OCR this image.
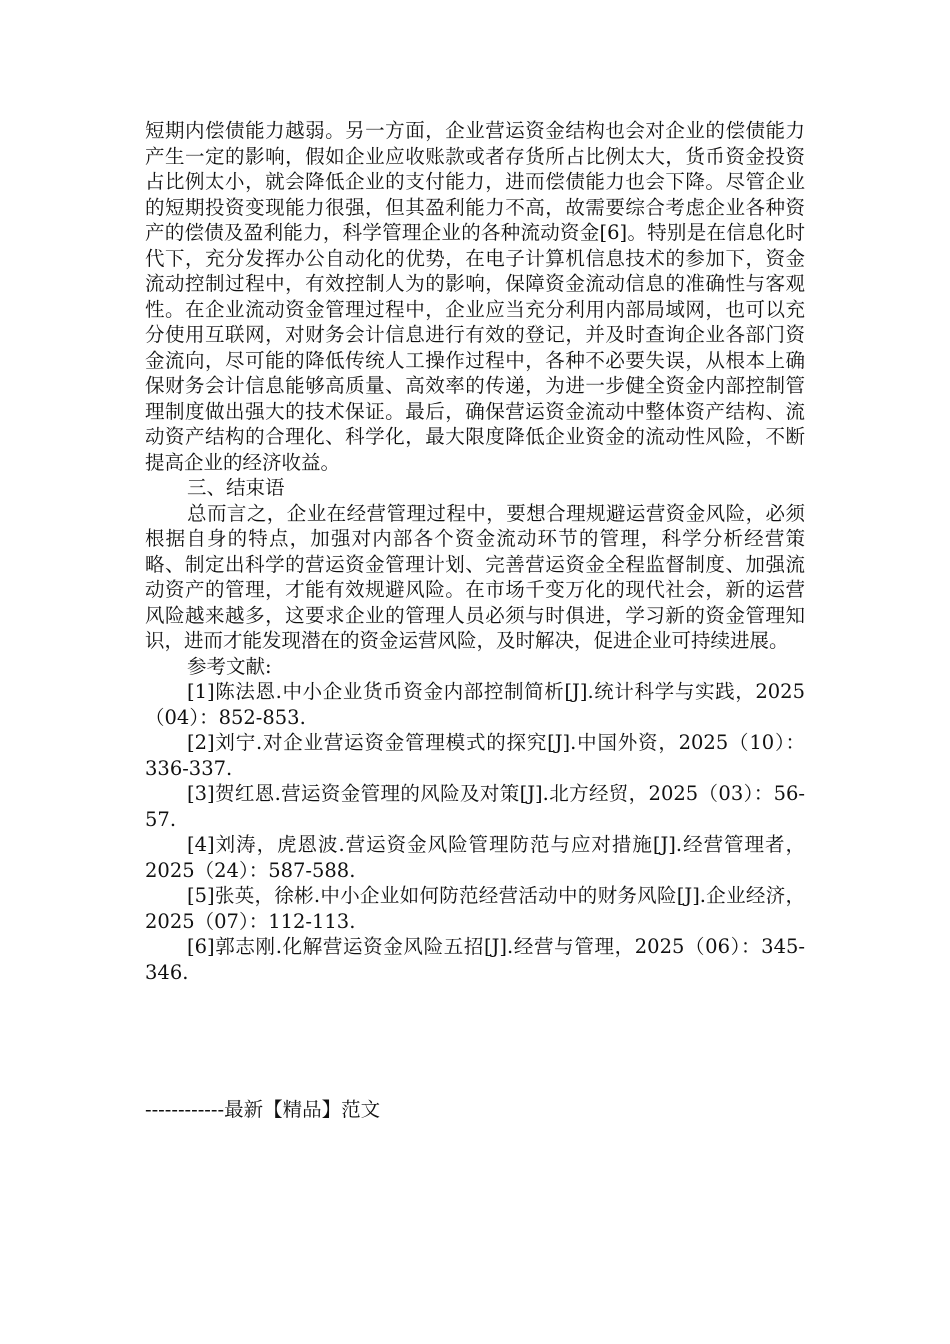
短期内偿债能力越弱。另一方面，企业营运资金结构也会对企业的偿债能力产生一定的影响，假如企业应收账款或者存货所占比例太大，货币资金投资占比例太小，就会降低企业的支付能力，进而偿债能力也会下降。尽管企业的短期投资变现能力很强，但其盈利能力不高，故需要综合考虑企业各种资产的偿债及盈利能力，科学管理企业的各种流动资金[6]。特别是在信息化时代下，充分发挥办公自动化的优势，在电子计算机信息技术的参加下，资金流动控制过程中，有效控制人为的影响，保障资金流动信息的准确性与客观性。在企业流动资金管理过程中，企业应当充分利用内部局域网，也可以充分使用互联网，对财务会计信息进行有效的登记，并及时查询企业各部门资金流向，尽可能的降低传统人工操作过程中，各种不必要失误，从根本上确保财务会计信息能够高质量、高效率的传递，为进一步健全资金内部控制管理制度做出强大的技术保证。最后，确保营运资金流动中整体资产结构、流动资产结构的合理化、科学化，最大限度降低企业资金的流动性风险，不断提高企业的经济收益。

三、结束语

总而言之，企业在经营管理过程中，要想合理规避运营资金风险，必须根据自身的特点，加强对内部各个资金流动环节的管理，科学分析经营策略、制定出科学的营运资金管理计划、完善营运资金全程监督制度、加强流动资产的管理，才能有效规避风险。在市场千变万化的现代社会，新的运营风险越来越多，这要求企业的管理人员必须与时俱进，学习新的资金管理知识，进而才能发现潜在的资金运营风险，及时解决，促进企业可持续进展。

参考文献:

[1]陈法恩.中小企业货币资金内部控制简析[J].统计科学与实践，2025（04）：852-853.

[2]刘宁.对企业营运资金管理模式的探究[J].中国外资，2025（10）：336-337.

[3]贺红恩.营运资金管理的风险及对策[J].北方经贸，2025（03）：56-57.

[4]刘涛，虎恩波.营运资金风险管理防范与应对措施[J].经营管理者，2025（24）：587-588.

[5]张英，徐彬.中小企业如何防范经营活动中的财务风险[J].企业经济，2025（07）：112-113.

[6]郭志刚.化解营运资金风险五招[J].经营与管理，2025（06）：345-346.

------------最新【精品】范文
